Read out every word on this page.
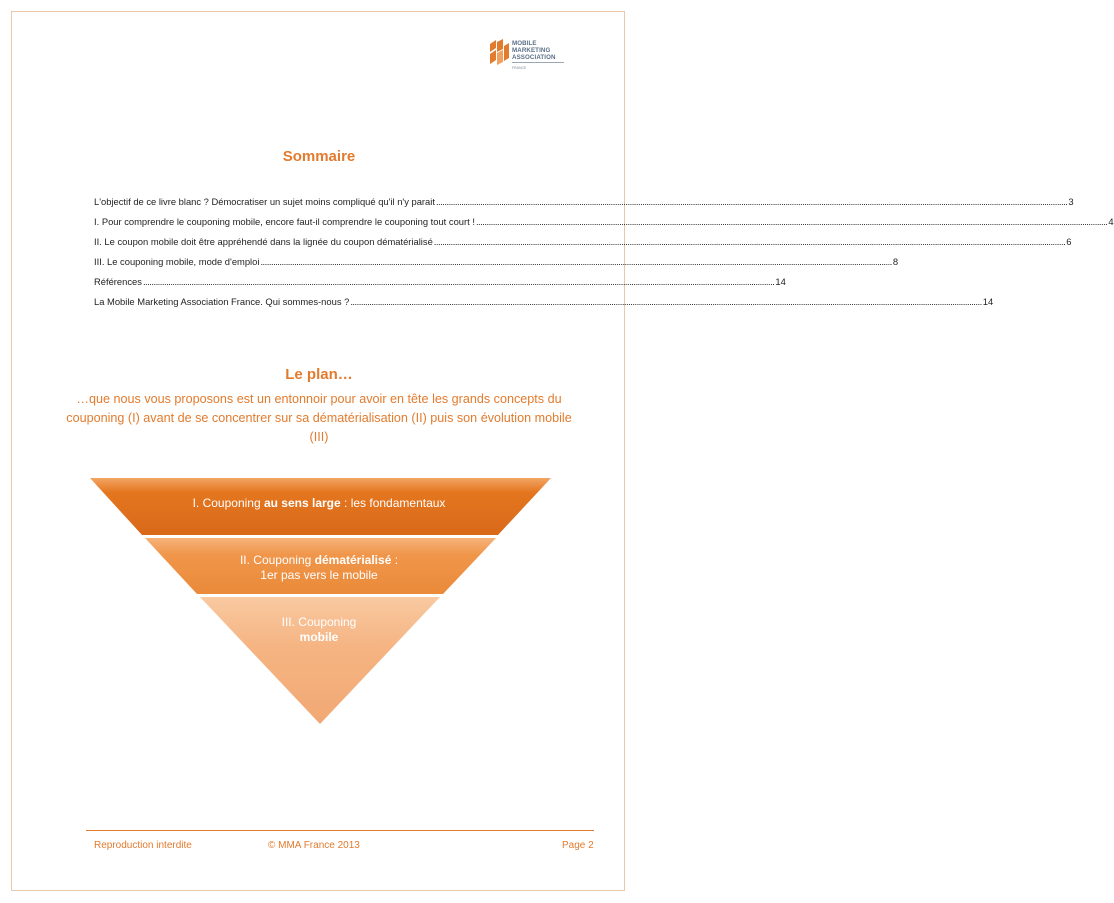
MOBILE
MARKETING
ASSOCIATION
FRANCE
Sommaire
L'objectif de ce livre blanc ? Démocratiser un sujet moins compliqué qu'il n'y parait ............................................................................................................................................................................................................................................................................................................ 3
I. Pour comprendre le couponing mobile, encore faut-il comprendre le couponing tout court ! ............................................................................................................................................................................................................................................................................................................ 4
II. Le coupon mobile doit être appréhendé dans la lignée du coupon dématérialisé ............................................................................................................................................................................................................................................................................................................ 6
III. Le couponing mobile, mode d'emploi ............................................................................................................................................................................................................................................................................................................ 8
Références ............................................................................................................................................................................................................................................................................................................ 14
La Mobile Marketing Association France. Qui sommes-nous ? ............................................................................................................................................................................................................................................................................................................ 14
Le plan…
…que nous vous proposons est un entonnoir pour avoir en tête les grands concepts du couponing (I) avant de se concentrer sur sa dématérialisation (II) puis son évolution mobile (III)
I. Couponing au sens large : les fondamentaux
II. Couponing dématérialisé :
1er pas vers le mobile
III. Couponing
mobile
Reproduction interdite	© MMA France 2013	Page 2
